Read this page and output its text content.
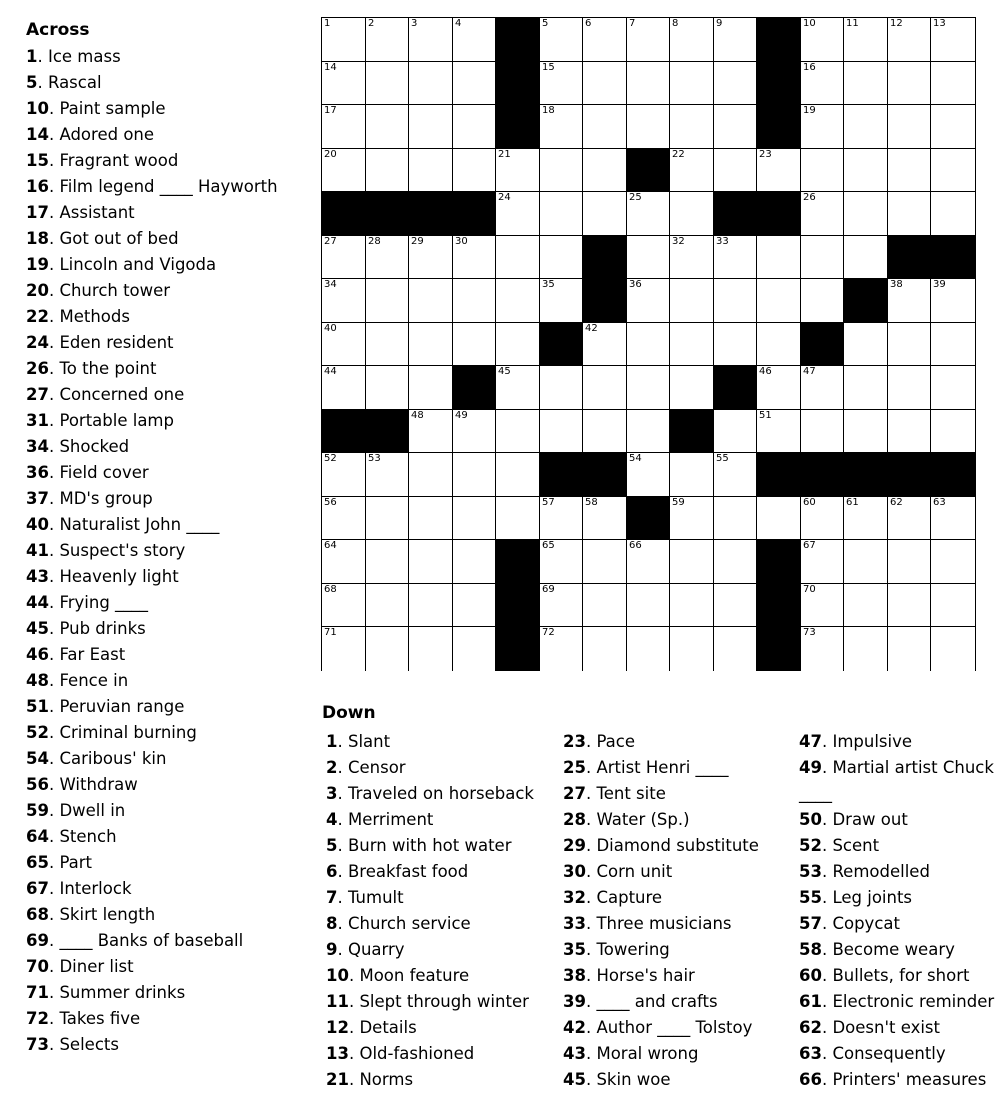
Across
1. Ice mass
5. Rascal
10. Paint sample
14. Adored one
15. Fragrant wood
16. Film legend ____ Hayworth
17. Assistant
18. Got out of bed
19. Lincoln and Vigoda
20. Church tower
22. Methods
24. Eden resident
26. To the point
27. Concerned one
31. Portable lamp
34. Shocked
36. Field cover
37. MD's group
40. Naturalist John ____
41. Suspect's story
43. Heavenly light
44. Frying ____
45. Pub drinks
46. Far East
48. Fence in
51. Peruvian range
52. Criminal burning
54. Caribous' kin
56. Withdraw
59. Dwell in
64. Stench
65. Part
67. Interlock
68. Skirt length
69. ____ Banks of baseball
70. Diner list
71. Summer drinks
72. Takes five
73. Selects
1	2	3	4	5	6	7	8	9	10	11	12	13
14	15	16
17	18	19
20	21	22	23
24	25	26
27	28	29	30	31	32	33
34	35	36	37	38	39
40	41	42	43
44	45	46	47
48	49	50	51
52	53	54	55
56	57	58	59	60	61	62	63
64	65	66	67
68	69	70
71	72	73
Down
1. Slant
2. Censor
3. Traveled on horseback
4. Merriment
5. Burn with hot water
6. Breakfast food
7. Tumult
8. Church service
9. Quarry
10. Moon feature
11. Slept through winter
12. Details
13. Old-fashioned
21. Norms
23. Pace
25. Artist Henri ____
27. Tent site
28. Water (Sp.)
29. Diamond substitute
30. Corn unit
32. Capture
33. Three musicians
35. Towering
38. Horse's hair
39. ____ and crafts
42. Author ____ Tolstoy
43. Moral wrong
45. Skin woe
47. Impulsive
49. Martial artist Chuck ____
50. Draw out
52. Scent
53. Remodelled
55. Leg joints
57. Copycat
58. Become weary
60. Bullets, for short
61. Electronic reminder
62. Doesn't exist
63. Consequently
66. Printers' measures
